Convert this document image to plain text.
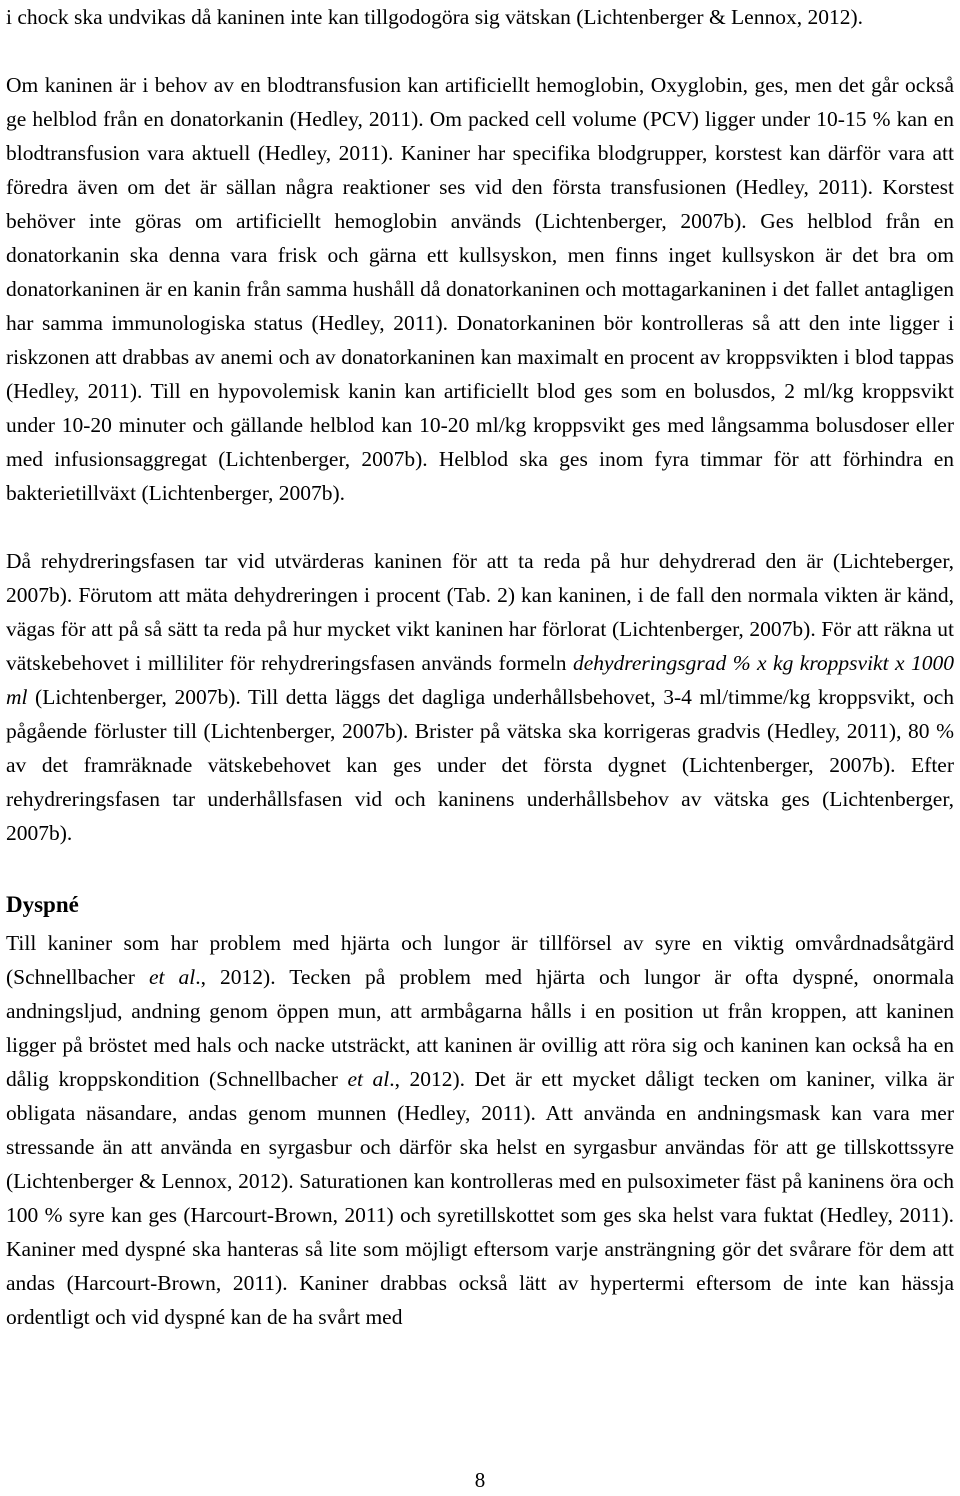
i chock ska undvikas då kaninen inte kan tillgodogöra sig vätskan (Lichtenberger & Lennox, 2012).

Om kaninen är i behov av en blodtransfusion kan artificiellt hemoglobin, Oxyglobin, ges, men det går också ge helblod från en donatorkanin (Hedley, 2011). Om packed cell volume (PCV) ligger under 10-15 % kan en blodtransfusion vara aktuell (Hedley, 2011). Kaniner har specifika blodgrupper, korstest kan därför vara att föredra även om det är sällan några reaktioner ses vid den första transfusionen (Hedley, 2011). Korstest behöver inte göras om artificiellt hemoglobin används (Lichtenberger, 2007b). Ges helblod från en donatorkanin ska denna vara frisk och gärna ett kullsyskon, men finns inget kullsyskon är det bra om donatorkaninen är en kanin från samma hushåll då donatorkaninen och mottagarkaninen i det fallet antagligen har samma immunologiska status (Hedley, 2011). Donatorkaninen bör kontrolleras så att den inte ligger i riskzonen att drabbas av anemi och av donatorkaninen kan maximalt en procent av kroppsvikten i blod tappas (Hedley, 2011). Till en hypovolemisk kanin kan artificiellt blod ges som en bolusdos, 2 ml/kg kroppsvikt under 10-20 minuter och gällande helblod kan 10-20 ml/kg kroppsvikt ges med långsamma bolusdoser eller med infusionsaggregat (Lichtenberger, 2007b). Helblod ska ges inom fyra timmar för att förhindra en bakterietillväxt (Lichtenberger, 2007b).

Då rehydreringsfasen tar vid utvärderas kaninen för att ta reda på hur dehydrerad den är (Lichteberger, 2007b). Förutom att mäta dehydreringen i procent (Tab. 2) kan kaninen, i de fall den normala vikten är känd, vägas för att på så sätt ta reda på hur mycket vikt kaninen har förlorat (Lichtenberger, 2007b). För att räkna ut vätskebehovet i milliliter för rehydreringsfasen används formeln dehydreringsgrad % x kg kroppsvikt x 1000 ml (Lichtenberger, 2007b). Till detta läggs det dagliga underhållsbehovet, 3-4 ml/timme/kg kroppsvikt, och pågående förluster till (Lichtenberger, 2007b). Brister på vätska ska korrigeras gradvis (Hedley, 2011), 80 % av det framräknade vätskebehovet kan ges under det första dygnet (Lichtenberger, 2007b). Efter rehydreringsfasen tar underhållsfasen vid och kaninens underhållsbehov av vätska ges (Lichtenberger, 2007b).

Dyspné

Till kaniner som har problem med hjärta och lungor är tillförsel av syre en viktig omvårdnadsåtgärd (Schnellbacher et al., 2012). Tecken på problem med hjärta och lungor är ofta dyspné, onormala andningsljud, andning genom öppen mun, att armbågarna hålls i en position ut från kroppen, att kaninen ligger på bröstet med hals och nacke utsträckt, att kaninen är ovillig att röra sig och kaninen kan också ha en dålig kroppskondition (Schnellbacher et al., 2012). Det är ett mycket dåligt tecken om kaniner, vilka är obligata näsandare, andas genom munnen (Hedley, 2011). Att använda en andningsmask kan vara mer stressande än att använda en syrgasbur och därför ska helst en syrgasbur användas för att ge tillskottssyre (Lichtenberger & Lennox, 2012). Saturationen kan kontrolleras med en pulsoximeter fäst på kaninens öra och 100 % syre kan ges (Harcourt-Brown, 2011) och syretillskottet som ges ska helst vara fuktat (Hedley, 2011). Kaniner med dyspné ska hanteras så lite som möjligt eftersom varje ansträngning gör det svårare för dem att andas (Harcourt-Brown, 2011). Kaniner drabbas också lätt av hypertermi eftersom de inte kan hässja ordentligt och vid dyspné kan de ha svårt med

8
